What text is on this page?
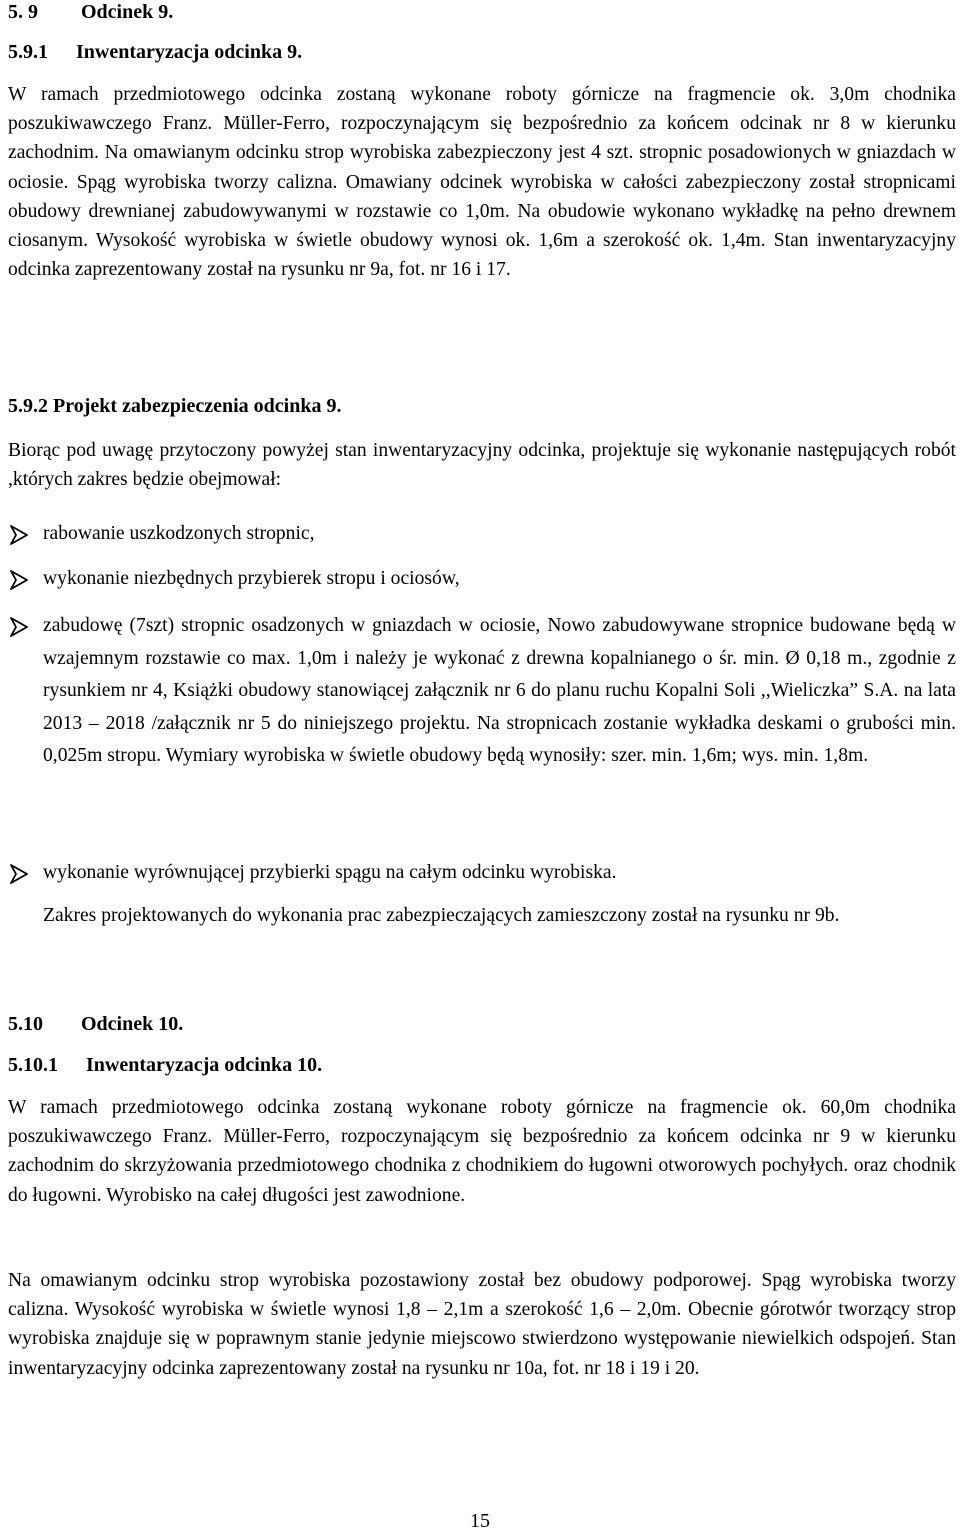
5. 9 Odcinek 9.
5.9.1 Inwentaryzacja odcinka 9.

W ramach przedmiotowego odcinka zostaną wykonane roboty górnicze na fragmencie ok. 3,0m chodnika poszukiwawczego Franz. Müller-Ferro, rozpoczynającym się bezpośrednio za końcem odcinak nr 8 w kierunku zachodnim. Na omawianym odcinku strop wyrobiska zabezpieczony jest 4 szt. stropnic posadowionych w gniazdach w ociosie. Spąg wyrobiska tworzy calizna. Omawiany odcinek wyrobiska w całości zabezpieczony został stropnicami obudowy drewnianej zabudowywanymi w rozstawie co 1,0m. Na obudowie wykonano wykładkę na pełno drewnem ciosanym. Wysokość wyrobiska w świetle obudowy wynosi ok. 1,6m a szerokość ok. 1,4m. Stan inwentaryzacyjny odcinka zaprezentowany został na rysunku nr 9a, fot. nr 16 i 17.

5.9.2 Projekt zabezpieczenia odcinka 9.

Biorąc pod uwagę przytoczony powyżej stan inwentaryzacyjny odcinka, projektuje się wykonanie następujących robót ,których zakres będzie obejmował:

rabowanie uszkodzonych stropnic,

wykonanie niezbędnych przybierek stropu i ociosów,

zabudowę (7szt) stropnic osadzonych w gniazdach w ociosie, Nowo zabudowywane stropnice budowane będą w wzajemnym rozstawie co max. 1,0m i należy je wykonać z drewna kopalnianego o śr. min. Ø 0,18 m., zgodnie z rysunkiem nr 4, Książki obudowy stanowiącej załącznik nr 6 do planu ruchu Kopalni Soli ,,Wieliczka” S.A. na lata 2013 – 2018 /załącznik nr 5 do niniejszego projektu. Na stropnicach zostanie wykładka deskami o grubości min. 0,025m stropu. Wymiary wyrobiska w świetle obudowy będą wynosiły: szer. min. 1,6m; wys. min. 1,8m.

wykonanie wyrównującej przybierki spągu na całym odcinku wyrobiska.

Zakres projektowanych do wykonania prac zabezpieczających zamieszczony został na rysunku nr 9b.

5.10 Odcinek 10.
5.10.1 Inwentaryzacja odcinka 10.

W ramach przedmiotowego odcinka zostaną wykonane roboty górnicze na fragmencie ok. 60,0m chodnika poszukiwawczego Franz. Müller-Ferro, rozpoczynającym się bezpośrednio za końcem odcinka nr 9 w kierunku zachodnim do skrzyżowania przedmiotowego chodnika z chodnikiem do ługowni otworowych pochyłych. oraz chodnik do ługowni. Wyrobisko na całej długości jest zawodnione.

Na omawianym odcinku strop wyrobiska pozostawiony został bez obudowy podporowej. Spąg wyrobiska tworzy calizna. Wysokość wyrobiska w świetle wynosi 1,8 – 2,1m a szerokość 1,6 – 2,0m. Obecnie górotwór tworzący strop wyrobiska znajduje się w poprawnym stanie jedynie miejscowo stwierdzono występowanie niewielkich odspojeń. Stan inwentaryzacyjny odcinka zaprezentowany został na rysunku nr 10a, fot. nr 18 i 19 i 20.

15
